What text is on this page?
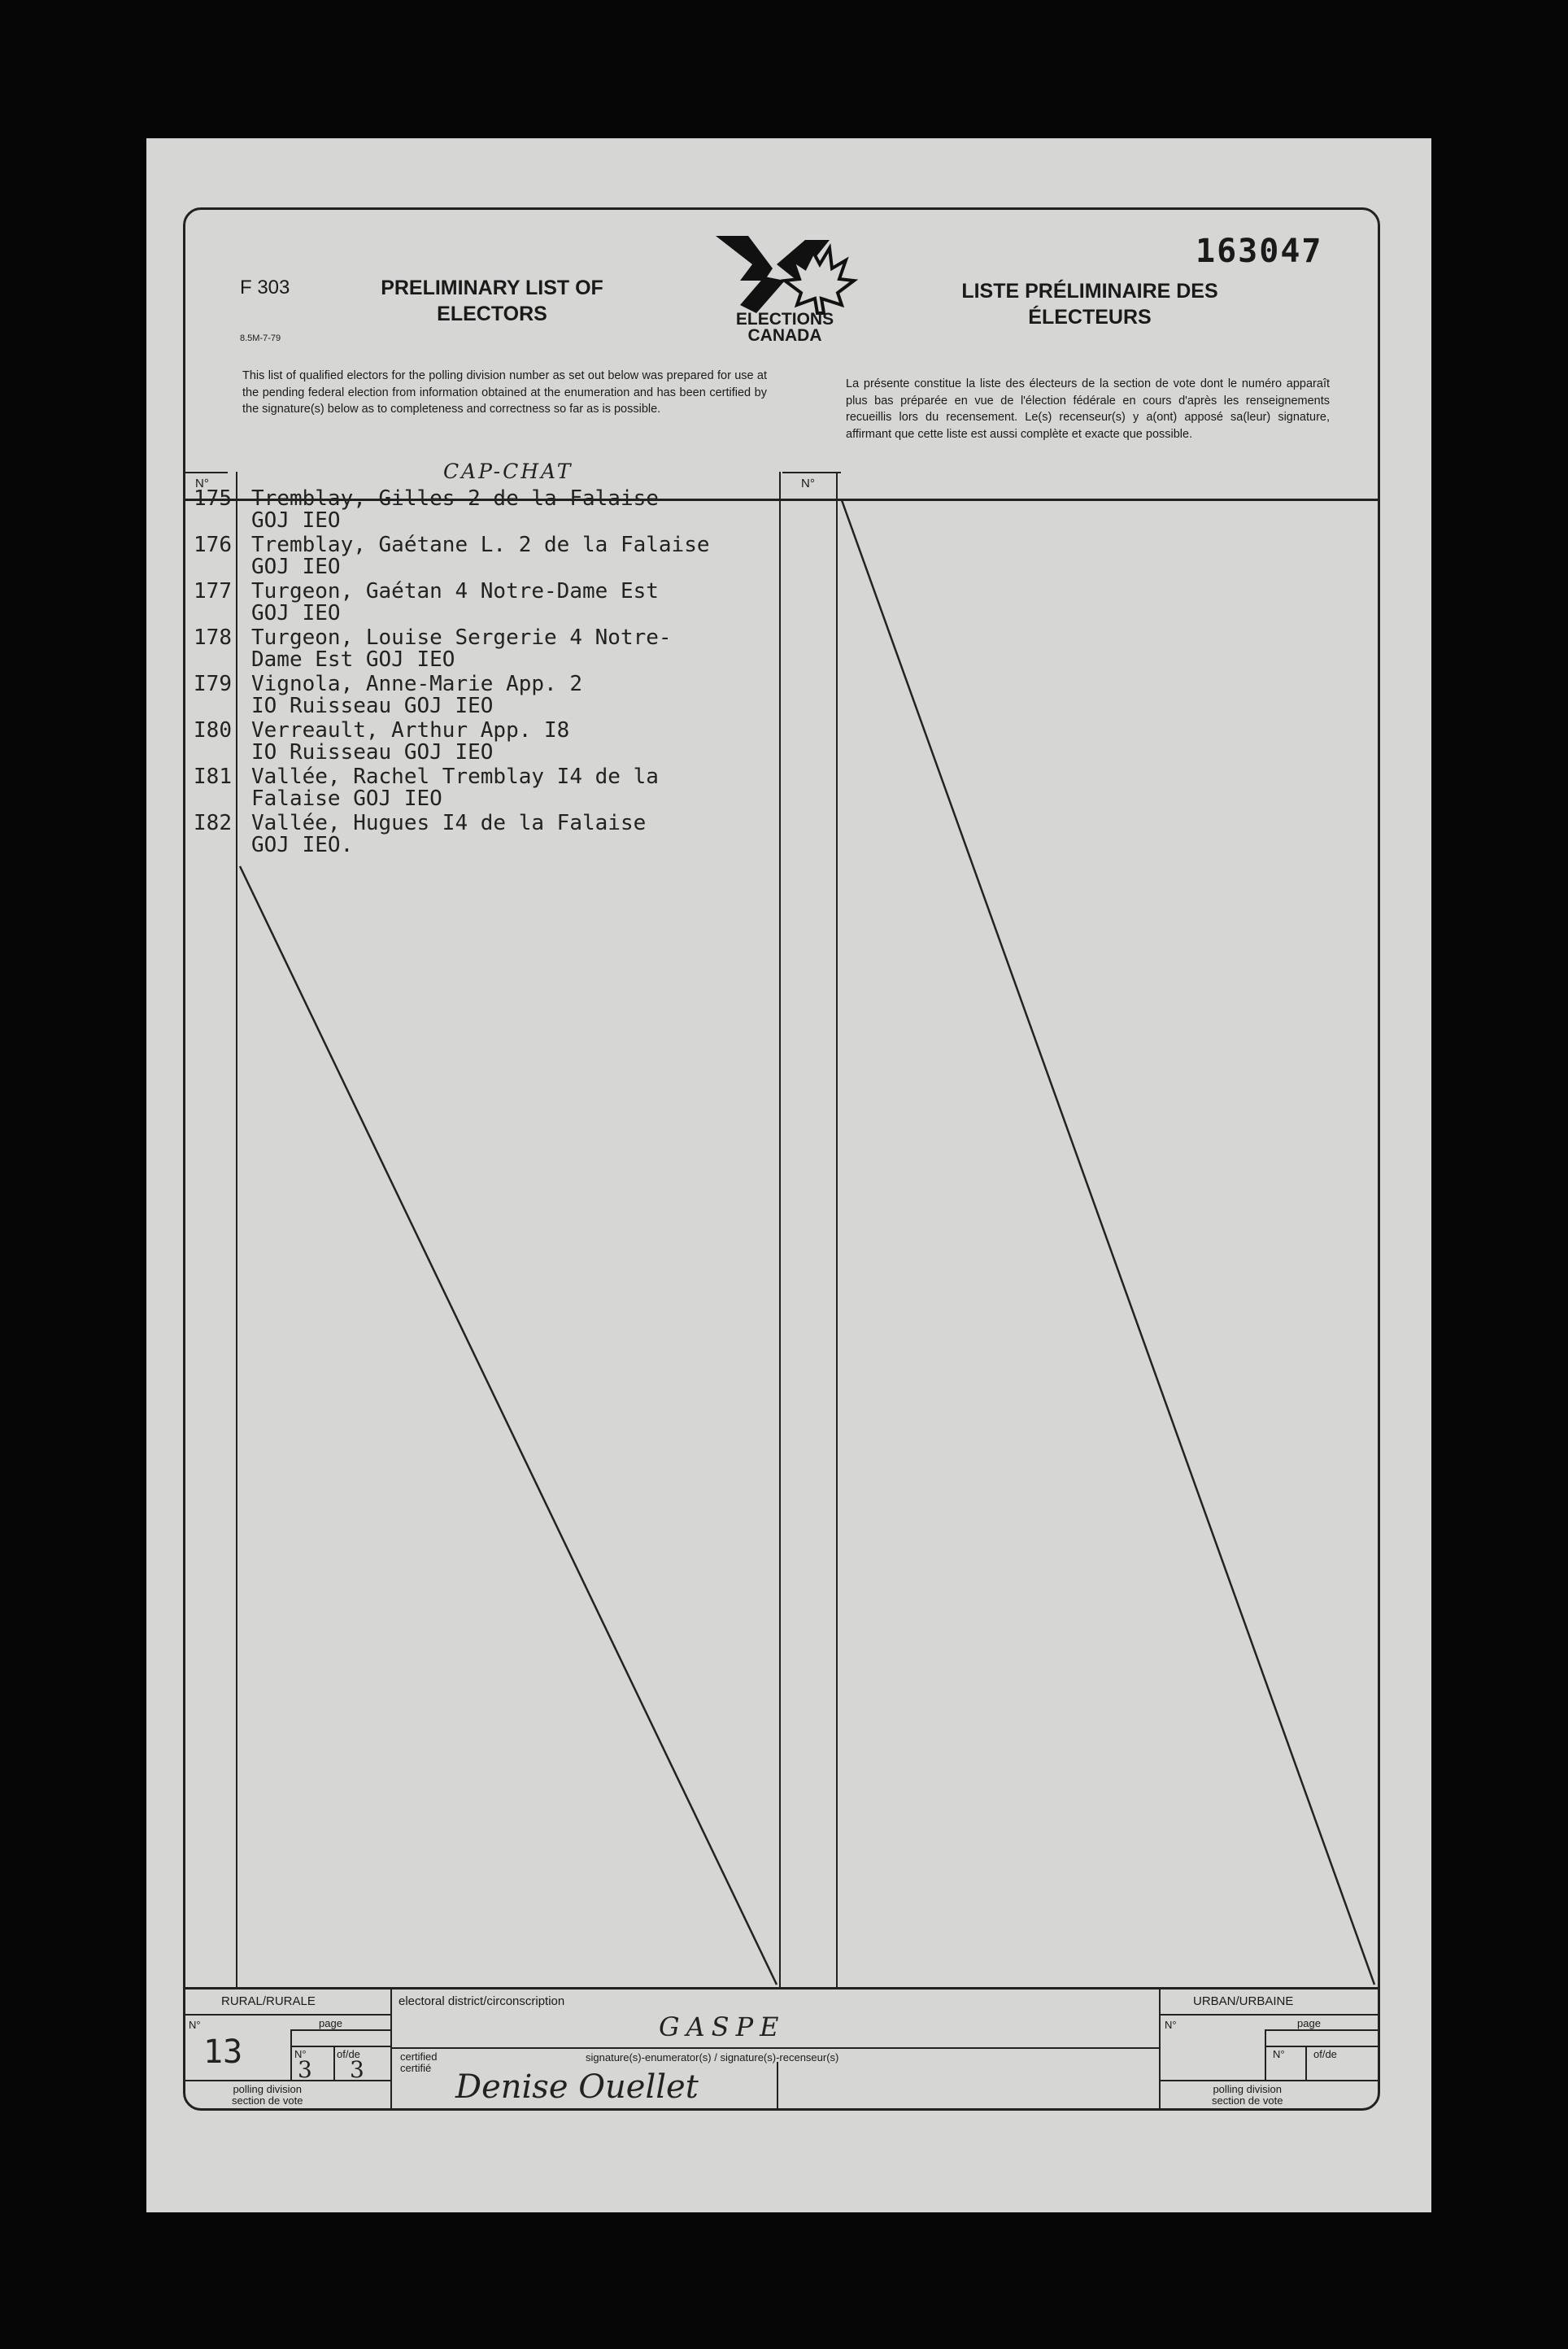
F 303
8.5M-7-79
PRELIMINARY LIST OF ELECTORS	ELECTIONS CANADA
LISTE PRÉLIMINAIRE DES ÉLECTEURS
163047
This list of qualified electors for the polling division number as set out below was prepared for use at the pending federal election from information obtained at the enumeration and has been certified by the signature(s) below as to completeness and correctness so far as is possible.
La présente constitue la liste des électeurs de la section de vote dont le numéro apparaît plus bas préparée en vue de l'élection fédérale en cours d'après les renseignements recueillis lors du recensement. Le(s) recenseur(s) y a(ont) apposé sa(leur) signature, affirmant que cette liste est aussi complète et exacte que possible.
N°	N°
CAP-CHAT
175 Tremblay, Gilles 2 de la Falaise
GOJ IEO
176 Tremblay, Gaétane L. 2 de la Falaise
GOJ IEO
177 Turgeon, Gaétan 4 Notre-Dame Est
GOJ IEO
178 Turgeon, Louise Sergerie 4 Notre-
Dame Est GOJ IEO
I79 Vignola, Anne-Marie App. 2
IO Ruisseau GOJ IEO
I80 Verreault, Arthur App. I8
IO Ruisseau GOJ IEO
I81 Vallée, Rachel Tremblay I4 de la
Falaise GOJ IEO
I82 Vallée, Hugues I4 de la Falaise
GOJ IEO.
RURAL/RURALE	URBAN/URBAINE
electoral district/circonscription
GASPE
N°	page
N°	of/de
13 3 3
polling division
section de vote
N°	page
N°	of/de
polling division
section de vote
certified
certifié
signature(s)-enumerator(s) / signature(s)-recenseur(s)
Denise Ouellet
